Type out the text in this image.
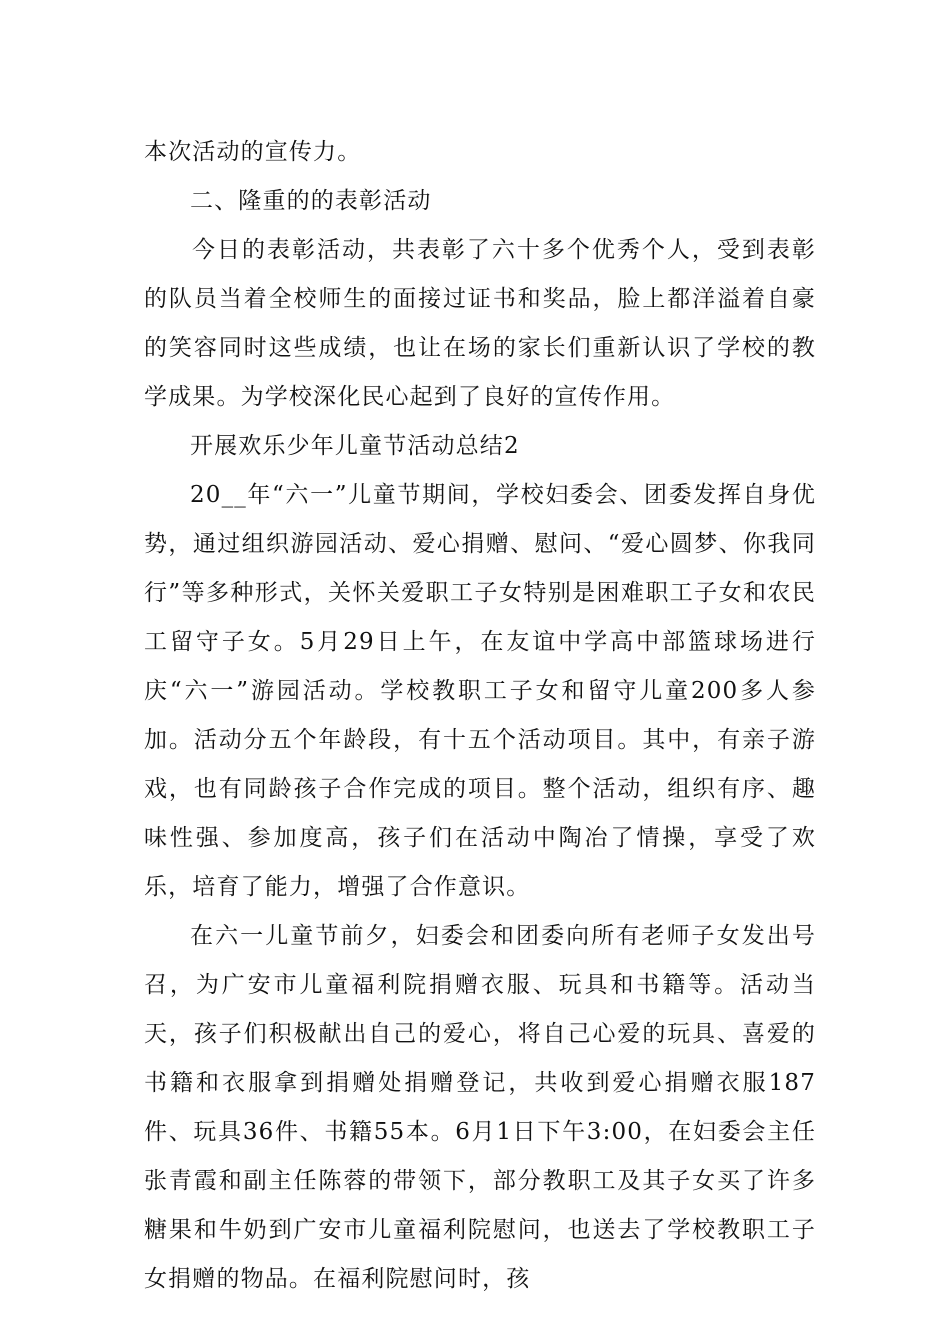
本次活动的宣传力。

二、隆重的的表彰活动

今日的表彰活动，共表彰了六十多个优秀个人，受到表彰的队员当着全校师生的面接过证书和奖品，脸上都洋溢着自豪的笑容同时这些成绩，也让在场的家长们重新认识了学校的教学成果。为学校深化民心起到了良好的宣传作用。

开展欢乐少年儿童节活动总结2

20__年“六一”儿童节期间，学校妇委会、团委发挥自身优势，通过组织游园活动、爱心捐赠、慰问、“爱心圆梦、你我同行”等多种形式，关怀关爱职工子女特别是困难职工子女和农民工留守子女。5月29日上午，在友谊中学高中部篮球场进行庆“六一”游园活动。学校教职工子女和留守儿童200多人参加。活动分五个年龄段，有十五个活动项目。其中，有亲子游戏，也有同龄孩子合作完成的项目。整个活动，组织有序、趣味性强、参加度高，孩子们在活动中陶冶了情操，享受了欢乐，培育了能力，增强了合作意识。

在六一儿童节前夕，妇委会和团委向所有老师子女发出号召，为广安市儿童福利院捐赠衣服、玩具和书籍等。活动当天，孩子们积极献出自己的爱心，将自己心爱的玩具、喜爱的书籍和衣服拿到捐赠处捐赠登记，共收到爱心捐赠衣服187件、玩具36件、书籍55本。6月1日下午3:00，在妇委会主任张青霞和副主任陈蓉的带领下，部分教职工及其子女买了许多糖果和牛奶到广安市儿童福利院慰问，也送去了学校教职工子女捐赠的物品。在福利院慰问时，孩
